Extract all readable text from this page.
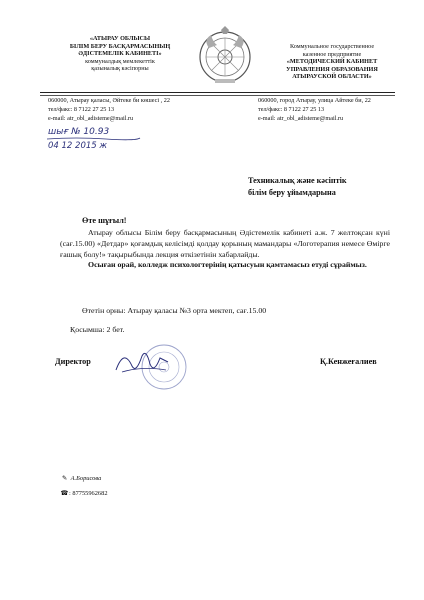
«АТЫРАУ ОБЛЫСЫ
БІЛІМ БЕРУ БАСҚАРМАСЫНЫҢ
ӘДІСТЕМЕЛІК КАБИНЕТІ»
коммуналдық мемлекеттік
қазыналық кәсіпорны
Коммунальное государственное
казенное предприятие
«МЕТОДИЧЕСКИЙ КАБИНЕТ
УПРАВЛЕНИЯ ОБРАЗОВАНИЯ
АТЫРАУСКОЙ ОБЛАСТИ»
060000, Атырау қаласы, Әйтеке би көшесі , 22
тел/факс: 8 7122 27 25 13
e-mail: atr_obl_adisteme@mail.ru
060000, город Атырау, улица Айтеке би, 22
тел/факс: 8 7122 27 25 13
e-mail: atr_obl_adisteme@mail.ru
шығ № 10.93
04 12 2015 ж
Техникалық және кәсіптік
білім беру ұйымдарына
Өте шұғыл!

Атырау облысы Білім беру басқармасының Әдістемелік кабинеті а.ж. 7 желтоқсан күні (сағ.15.00) «Детдар» қоғамдық келісімді қолдау қорының мамандары «Логотерапия немесе Өмірге ғашық болу!» тақырыбында лекция өткізетінін хабарлайды.

Осыған орай, колледж психологтерінің қатысуын қамтамасыз етуді сұраймыз.

Өтетін орны: Атырау қаласы №3 орта мектеп, сағ.15.00
Қосымша: 2 бет.
Директор	Қ.Кенжеғалиев
✎ А.Борисова
☎: 87755962682
